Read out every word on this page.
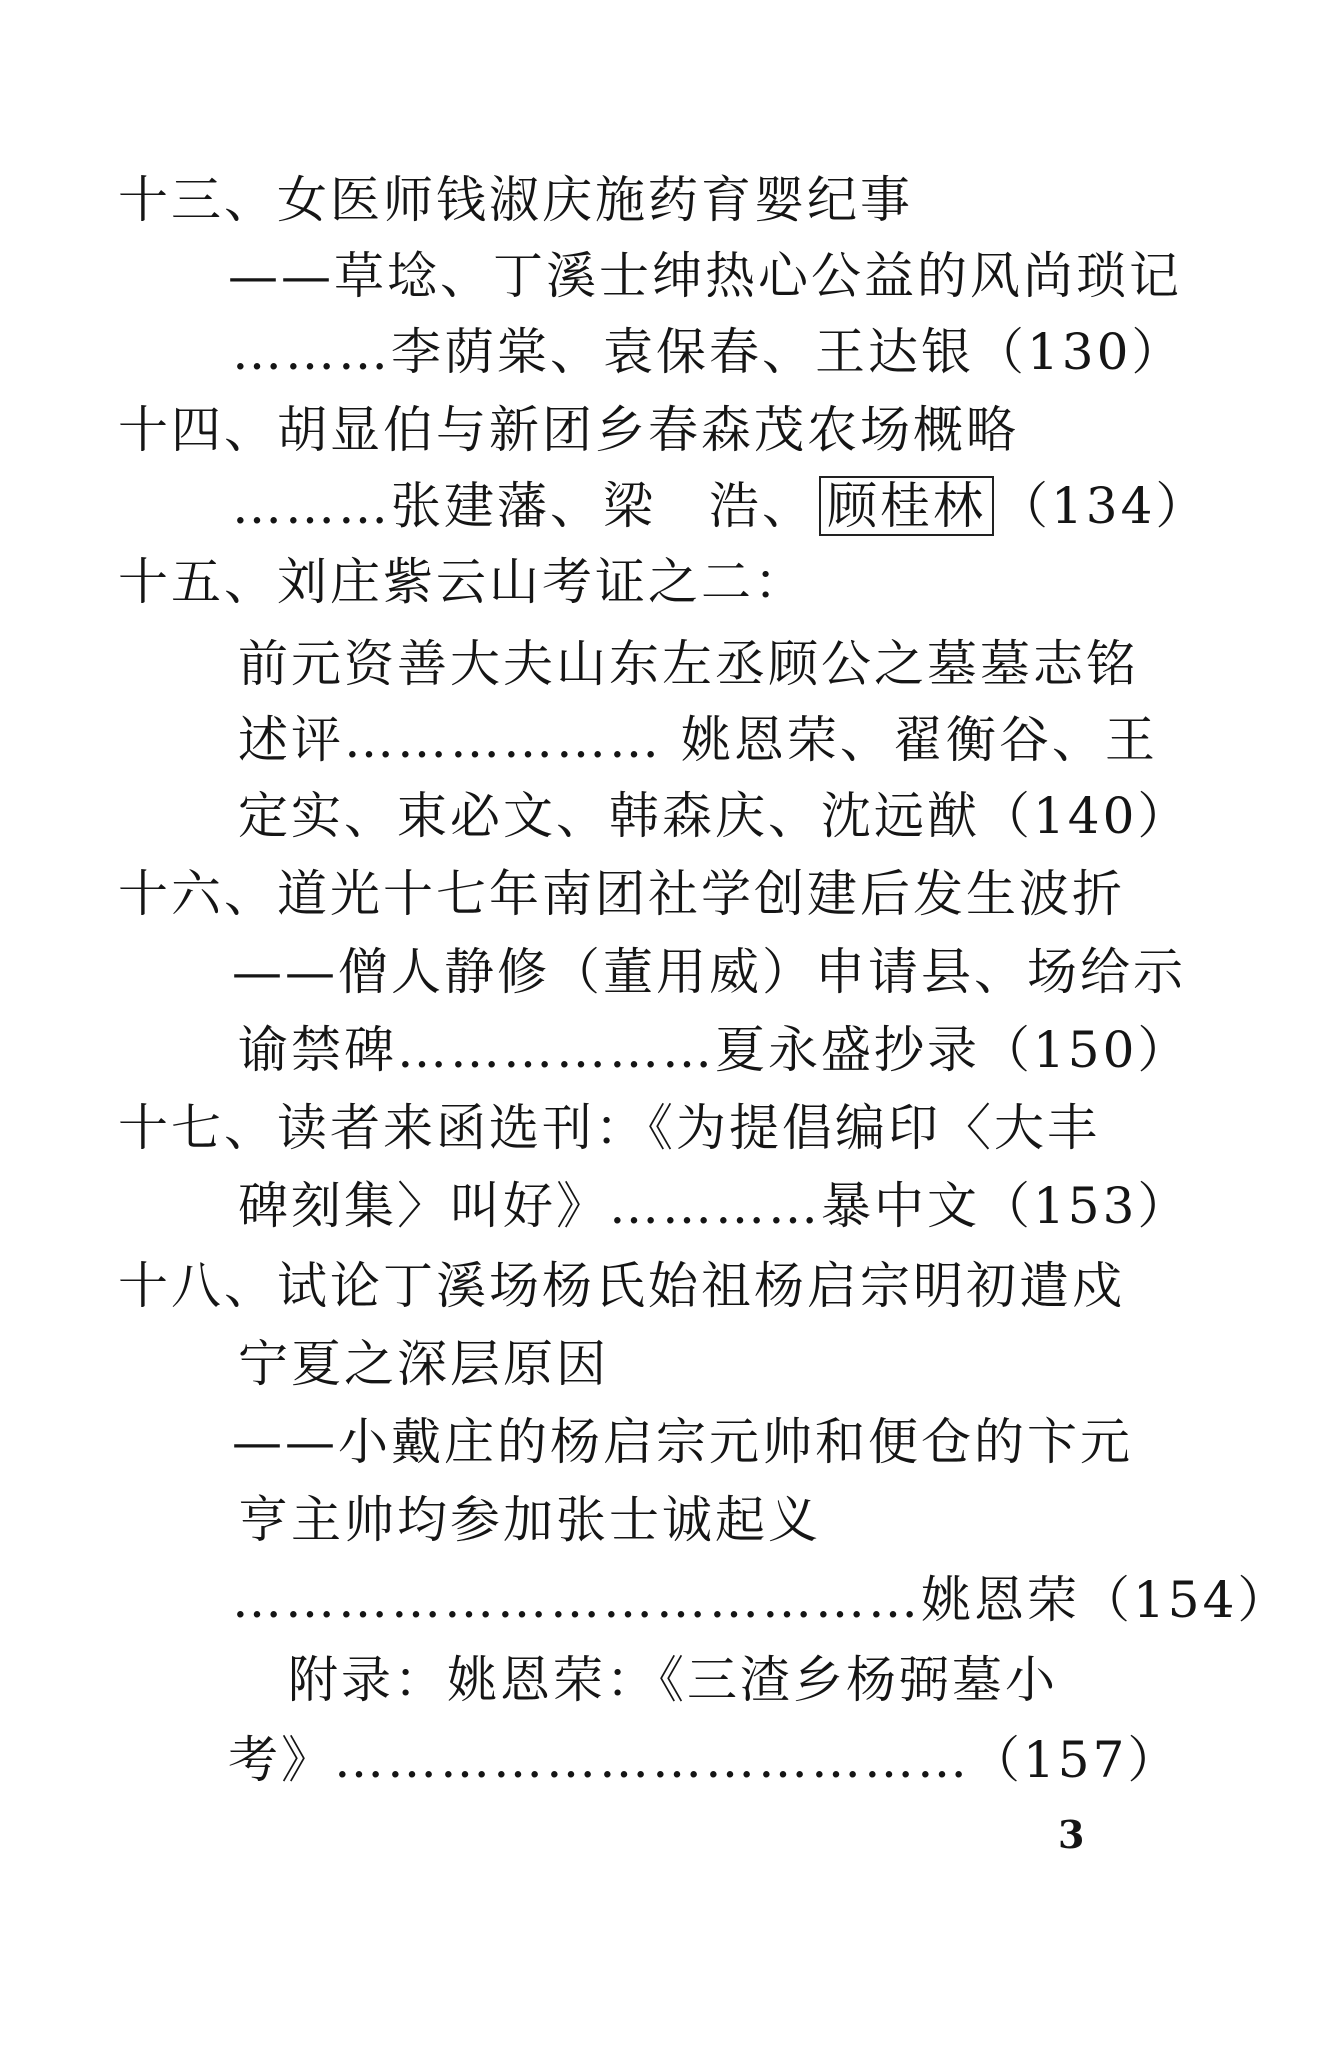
十三、女医师钱淑庆施药育婴纪事
——草埝、丁溪士绅热心公益的风尚琐记
………李荫棠、袁保春、王达银（130）
十四、胡显伯与新团乡春森茂农场概略
………张建藩、梁　浩、 顾桂林 （134）
十五、刘庄紫云山考证之二：
前元资善大夫山东左丞顾公之墓墓志铭
述评……………… 姚恩荣、翟衡谷、王
定实、束必文、韩森庆、沈远猷（140）
十六、道光十七年南团社学创建后发生波折
——僧人静修（董用威）申请县、场给示
谕禁碑………………夏永盛抄录（150）
十七、读者来函选刊：《为提倡编印〈大丰
碑刻集〉叫好》…………暴中文（153）
十八、试论丁溪场杨氏始祖杨启宗明初遣戍
宁夏之深层原因
——小戴庄的杨启宗元帅和便仓的卞元
亨主帅均参加张士诚起义
…………………………………姚恩荣（154）
附录：姚恩荣：《三渣乡杨弼墓小
考》………………………………（157）
3
